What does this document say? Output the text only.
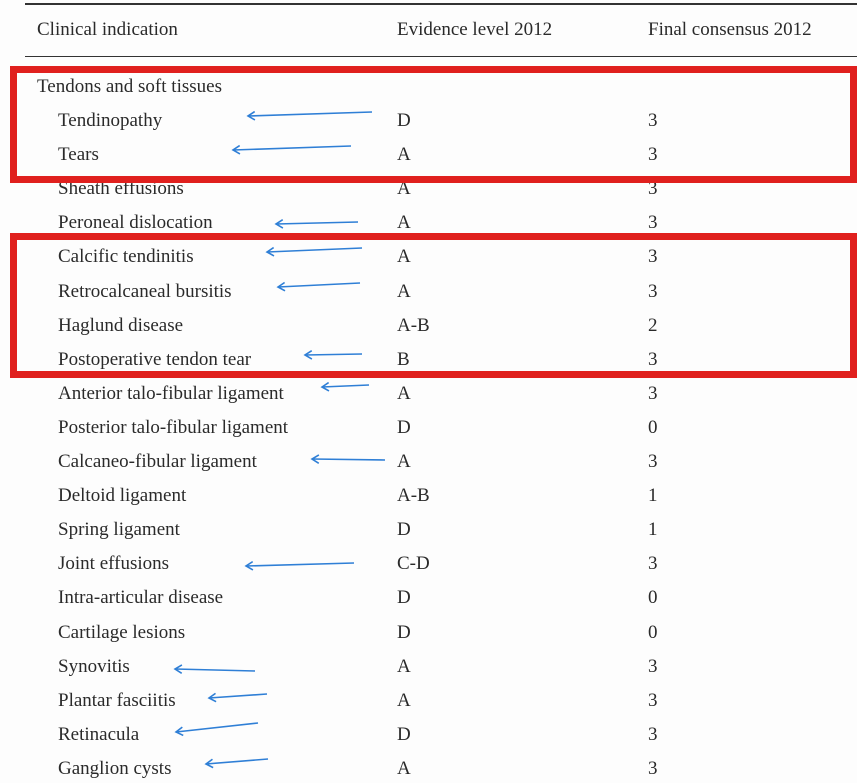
Clinical indication	Evidence level 2012	Final consensus 2012
Tendons and soft tissues
Tendinopathy	D	3
Tears	A	3
Sheath effusions	A	3
Peroneal dislocation	A	3
Calcific tendinitis	A	3
Retrocalcaneal bursitis	A	3
Haglund disease	A-B	2
Postoperative tendon tear	B	3
Anterior talo-fibular ligament	A	3
Posterior talo-fibular ligament	D	0
Calcaneo-fibular ligament	A	3
Deltoid ligament	A-B	1
Spring ligament	D	1
Joint effusions	C-D	3
Intra-articular disease	D	0
Cartilage lesions	D	0
Synovitis	A	3
Plantar fasciitis	A	3
Retinacula	D	3
Ganglion cysts	A	3
